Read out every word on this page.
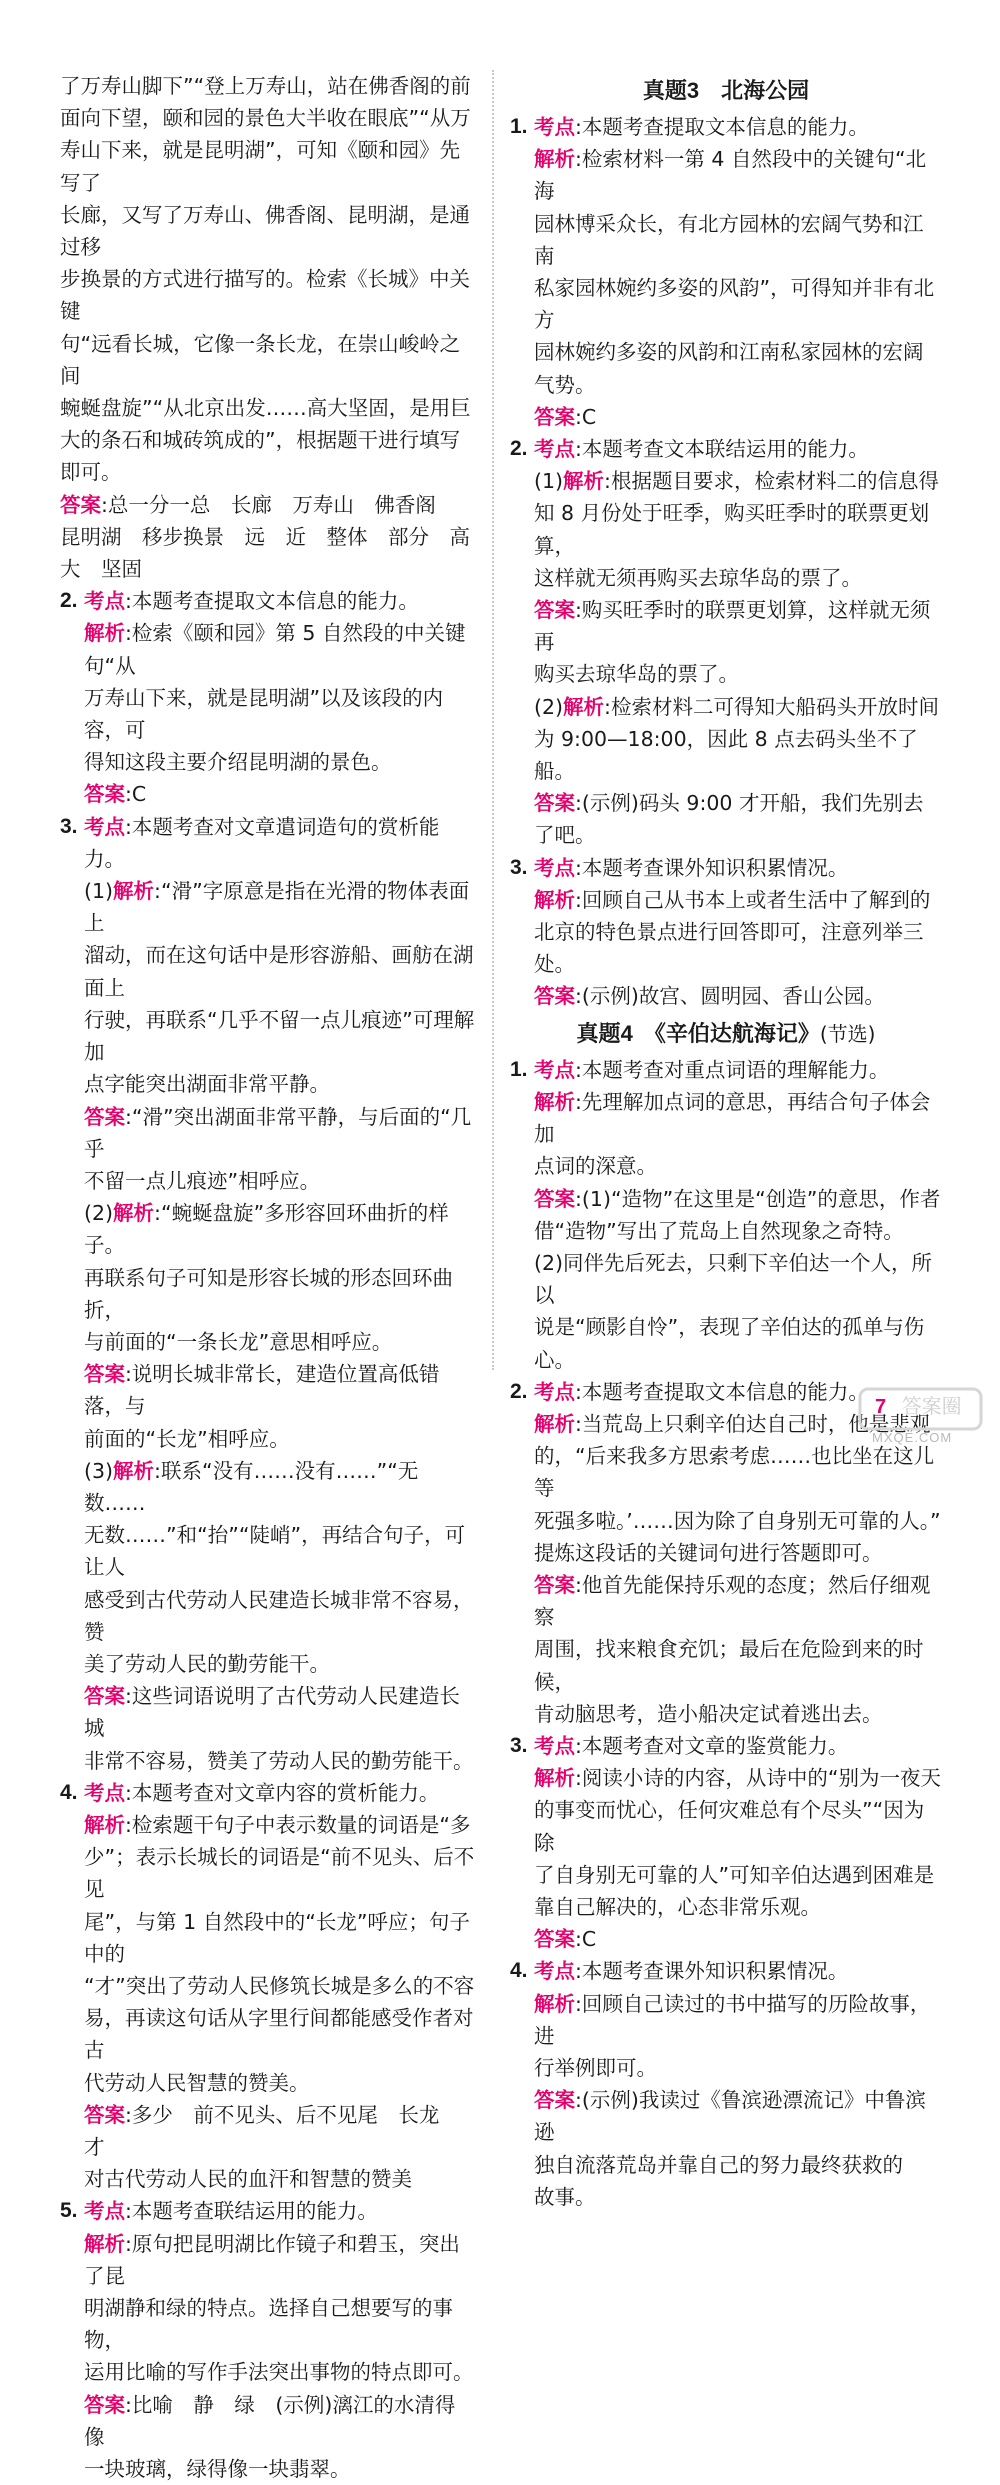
了万寿山脚下”“登上万寿山，站在佛香阁的前
面向下望，颐和园的景色大半收在眼底”“从万
寿山下来，就是昆明湖”，可知《颐和园》先写了
长廊，又写了万寿山、佛香阁、昆明湖，是通过移
步换景的方式进行描写的。检索《长城》中关键
句“远看长城，它像一条长龙，在崇山峻岭之间
蜿蜒盘旋”“从北京出发……高大坚固，是用巨
大的条石和城砖筑成的”，根据题干进行填写
即可。
答案:总一分一总　长廊　万寿山　佛香阁
昆明湖　移步换景　远　近　整体　部分　高
大　坚固
2. 考点:本题考查提取文本信息的能力。
解析:检索《颐和园》第 5 自然段的中关键句“从
万寿山下来，就是昆明湖”以及该段的内容，可
得知这段主要介绍昆明湖的景色。
答案:C
3. 考点:本题考查对文章遣词造句的赏析能力。
(1)解析:“滑”字原意是指在光滑的物体表面上
溜动，而在这句话中是形容游船、画舫在湖面上
行驶，再联系“几乎不留一点儿痕迹”可理解加
点字能突出湖面非常平静。
答案:“滑”突出湖面非常平静，与后面的“几乎
不留一点儿痕迹”相呼应。
(2)解析:“蜿蜒盘旋”多形容回环曲折的样子。
再联系句子可知是形容长城的形态回环曲折，
与前面的“一条长龙”意思相呼应。
答案:说明长城非常长，建造位置高低错落，与
前面的“长龙”相呼应。
(3)解析:联系“没有……没有……”“无数……
无数……”和“抬”“陡峭”，再结合句子，可让人
感受到古代劳动人民建造长城非常不容易，赞
美了劳动人民的勤劳能干。
答案:这些词语说明了古代劳动人民建造长城
非常不容易，赞美了劳动人民的勤劳能干。
4. 考点:本题考查对文章内容的赏析能力。
解析:检索题干句子中表示数量的词语是“多
少”；表示长城长的词语是“前不见头、后不见
尾”，与第 1 自然段中的“长龙”呼应；句子中的
“才”突出了劳动人民修筑长城是多么的不容
易，再读这句话从字里行间都能感受作者对古
代劳动人民智慧的赞美。
答案:多少　前不见头、后不见尾　长龙　才
对古代劳动人民的血汗和智慧的赞美
5. 考点:本题考查联结运用的能力。
解析:原句把昆明湖比作镜子和碧玉，突出了昆
明湖静和绿的特点。选择自己想要写的事物，
运用比喻的写作手法突出事物的特点即可。
答案:比喻　静　绿　(示例)漓江的水清得像
一块玻璃，绿得像一块翡翠。
真题3　北海公园
1. 考点:本题考查提取文本信息的能力。
解析:检索材料一第 4 自然段中的关键句“北海
园林博采众长，有北方园林的宏阔气势和江南
私家园林婉约多姿的风韵”，可得知并非有北方
园林婉约多姿的风韵和江南私家园林的宏阔
气势。
答案:C
2. 考点:本题考查文本联结运用的能力。
(1)解析:根据题目要求，检索材料二的信息得
知 8 月份处于旺季，购买旺季时的联票更划算，
这样就无须再购买去琼华岛的票了。
答案:购买旺季时的联票更划算，这样就无须再
购买去琼华岛的票了。
(2)解析:检索材料二可得知大船码头开放时间
为 9:00—18:00，因此 8 点去码头坐不了船。
答案:(示例)码头 9:00 才开船，我们先别去
了吧。
3. 考点:本题考查课外知识积累情况。
解析:回顾自己从书本上或者生活中了解到的
北京的特色景点进行回答即可，注意列举三处。
答案:(示例)故宫、圆明园、香山公园。
真题4　《辛伯达航海记》(节选)
1. 考点:本题考查对重点词语的理解能力。
解析:先理解加点词的意思，再结合句子体会加
点词的深意。
答案:(1)“造物”在这里是“创造”的意思，作者
借“造物”写出了荒岛上自然现象之奇特。
(2)同伴先后死去，只剩下辛伯达一个人，所以
说是“顾影自怜”，表现了辛伯达的孤单与伤心。
2. 考点:本题考查提取文本信息的能力。
解析:当荒岛上只剩辛伯达自己时，他是悲观
的，“后来我多方思索考虑……也比坐在这儿等
死强多啦。’……因为除了自身别无可靠的人。”
提炼这段话的关键词句进行答题即可。
答案:他首先能保持乐观的态度；然后仔细观察
周围，找来粮食充饥；最后在危险到来的时候，
肯动脑思考，造小船决定试着逃出去。
3. 考点:本题考查对文章的鉴赏能力。
解析:阅读小诗的内容，从诗中的“别为一夜天
的事变而忧心，任何灾难总有个尽头”“因为除
了自身别无可靠的人”可知辛伯达遇到困难是
靠自己解决的，心态非常乐观。
答案:C
4. 考点:本题考查课外知识积累情况。
解析:回顾自己读过的书中描写的历险故事，进
行举例即可。
答案:(示例)我读过《鲁滨逊漂流记》中鲁滨逊
独自流落荒岛并靠自己的努力最终获救的
故事。
7 答案圈
MXQE.COM
